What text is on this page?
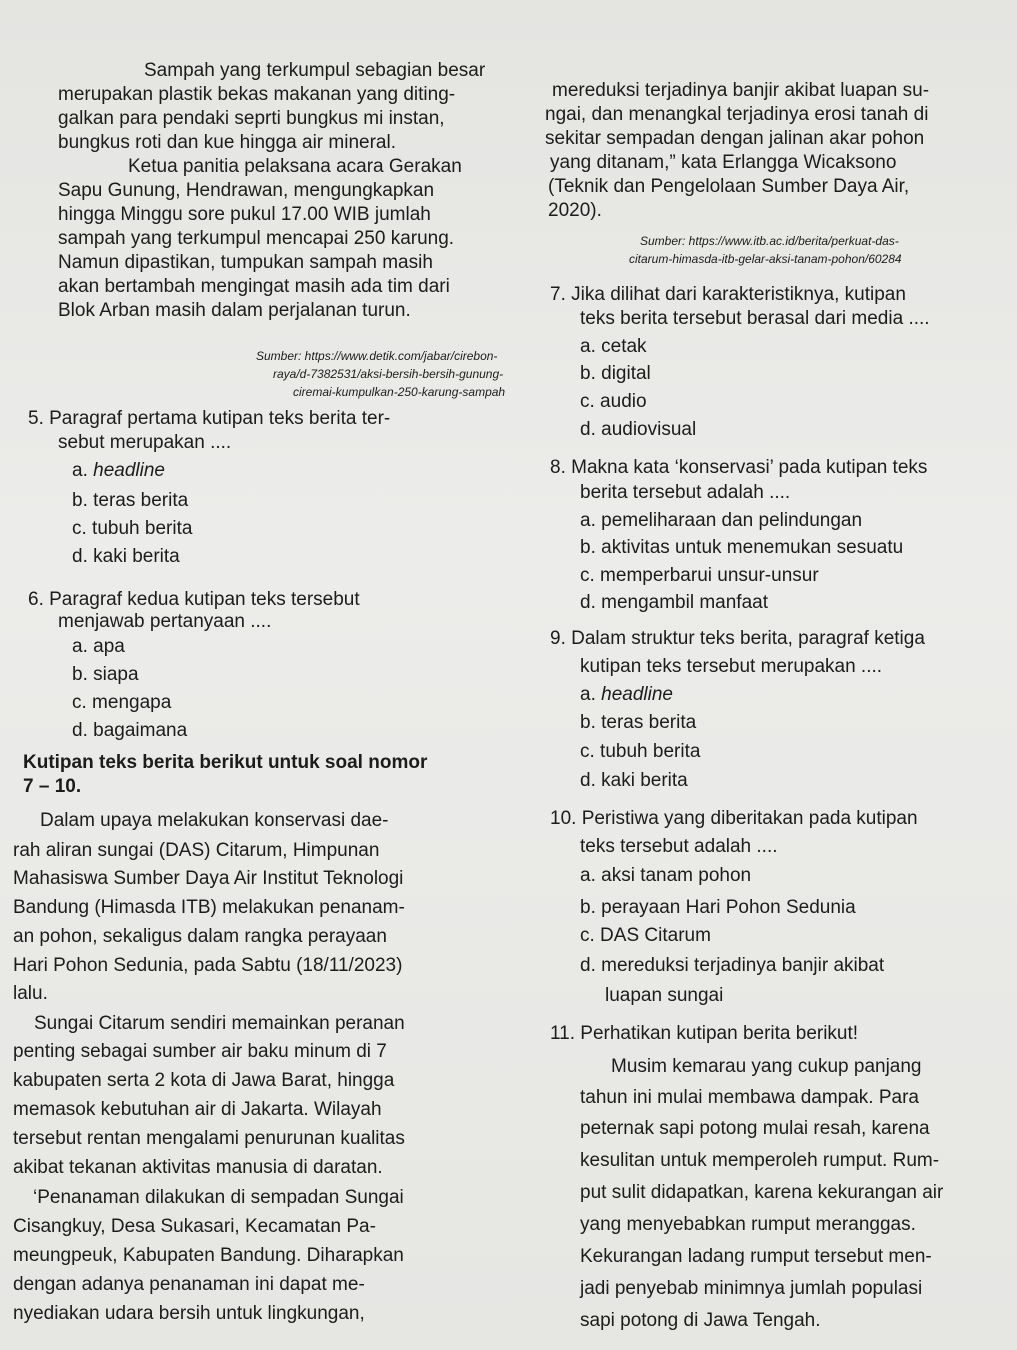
Sampah yang terkumpul sebagian besar
merupakan plastik bekas makanan yang diting-
galkan para pendaki seprti bungkus mi instan,
bungkus roti dan kue hingga air mineral.
Ketua panitia pelaksana acara Gerakan
Sapu Gunung, Hendrawan, mengungkapkan
hingga Minggu sore pukul 17.00 WIB jumlah
sampah yang terkumpul mencapai 250 karung.
Namun dipastikan, tumpukan sampah masih
akan bertambah mengingat masih ada tim dari
Blok Arban masih dalam perjalanan turun.
Sumber: https://www.detik.com/jabar/cirebon-
raya/d-7382531/aksi-bersih-bersih-gunung-
ciremai-kumpulkan-250-karung-sampah
5. Paragraf pertama kutipan teks berita ter-
sebut merupakan ....
a. headline
b. teras berita
c. tubuh berita
d. kaki berita
6. Paragraf kedua kutipan teks tersebut
menjawab pertanyaan ....
a. apa
b. siapa
c. mengapa
d. bagaimana
Kutipan teks berita berikut untuk soal nomor
7 – 10.
Dalam upaya melakukan konservasi dae-
rah aliran sungai (DAS) Citarum, Himpunan
Mahasiswa Sumber Daya Air Institut Teknologi
Bandung (Himasda ITB) melakukan penanam-
an pohon, sekaligus dalam rangka perayaan
Hari Pohon Sedunia, pada Sabtu (18/11/2023)
lalu.
Sungai Citarum sendiri memainkan peranan
penting sebagai sumber air baku minum di 7
kabupaten serta 2 kota di Jawa Barat, hingga
memasok kebutuhan air di Jakarta. Wilayah
tersebut rentan mengalami penurunan kualitas
akibat tekanan aktivitas manusia di daratan.
‘Penanaman dilakukan di sempadan Sungai
Cisangkuy, Desa Sukasari, Kecamatan Pa-
meungpeuk, Kabupaten Bandung. Diharapkan
dengan adanya penanaman ini dapat me-
nyediakan udara bersih untuk lingkungan,
mereduksi terjadinya banjir akibat luapan su-
ngai, dan menangkal terjadinya erosi tanah di
sekitar sempadan dengan jalinan akar pohon
yang ditanam,” kata Erlangga Wicaksono
(Teknik dan Pengelolaan Sumber Daya Air,
2020).
Sumber: https://www.itb.ac.id/berita/perkuat-das-
citarum-himasda-itb-gelar-aksi-tanam-pohon/60284
7. Jika dilihat dari karakteristiknya, kutipan
teks berita tersebut berasal dari media ....
a. cetak
b. digital
c. audio
d. audiovisual
8. Makna kata ‘konservasi’ pada kutipan teks
berita tersebut adalah ....
a. pemeliharaan dan pelindungan
b. aktivitas untuk menemukan sesuatu
c. memperbarui unsur-unsur
d. mengambil manfaat
9. Dalam struktur teks berita, paragraf ketiga
kutipan teks tersebut merupakan ....
a. headline
b. teras berita
c. tubuh berita
d. kaki berita
10. Peristiwa yang diberitakan pada kutipan
teks tersebut adalah ....
a. aksi tanam pohon
b. perayaan Hari Pohon Sedunia
c. DAS Citarum
d. mereduksi terjadinya banjir akibat
luapan sungai
11. Perhatikan kutipan berita berikut!
Musim kemarau yang cukup panjang
tahun ini mulai membawa dampak. Para
peternak sapi potong mulai resah, karena
kesulitan untuk memperoleh rumput. Rum-
put sulit didapatkan, karena kekurangan air
yang menyebabkan rumput meranggas.
Kekurangan ladang rumput tersebut men-
jadi penyebab minimnya jumlah populasi
sapi potong di Jawa Tengah.
